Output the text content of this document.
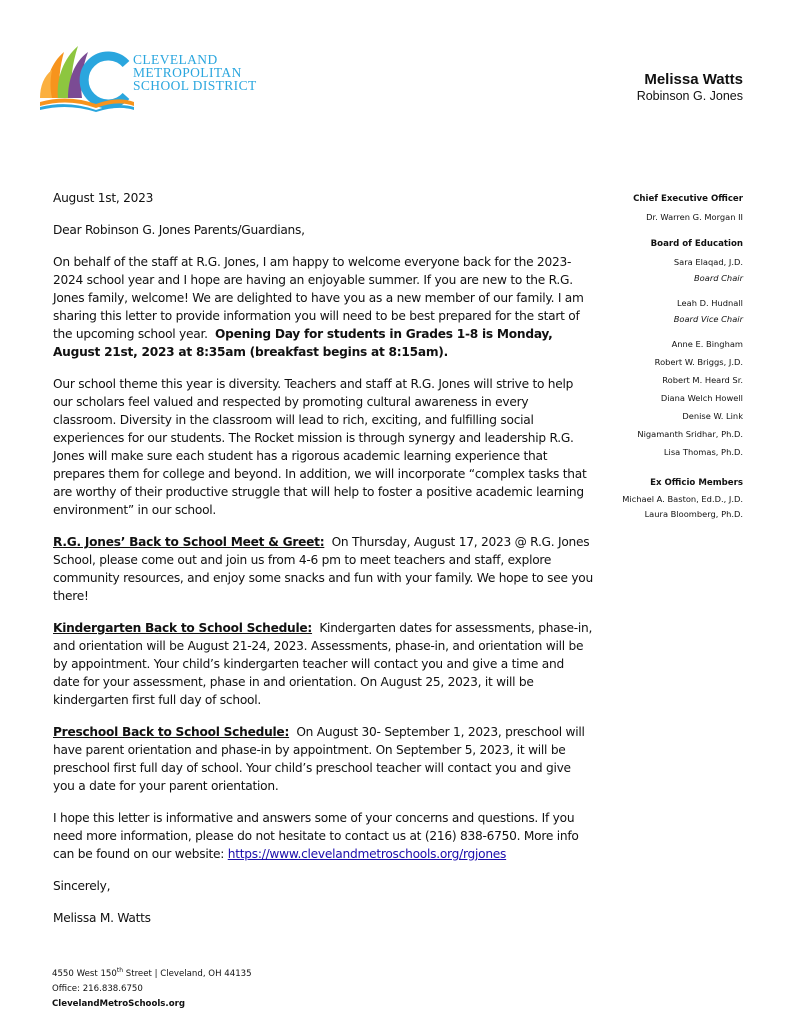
CLEVELAND
METROPOLITAN
SCHOOL DISTRICT	Melissa Watts
Robinson G. Jones

August 1st, 2023

Dear Robinson G. Jones Parents/Guardians,

On behalf of the staff at R.G. Jones, I am happy to welcome everyone back for the 2023-2024 school year and I hope are having an enjoyable summer. If you are new to the R.G. Jones family, welcome! We are delighted to have you as a new member of our family. I am sharing this letter to provide information you will need to be best prepared for the start of the upcoming school year. Opening Day for students in Grades 1-8 is Monday, August 21st, 2023 at 8:35am (breakfast begins at 8:15am).

Our school theme this year is diversity. Teachers and staff at R.G. Jones will strive to help our scholars feel valued and respected by promoting cultural awareness in every classroom. Diversity in the classroom will lead to rich, exciting, and fulfilling social experiences for our students. The Rocket mission is through synergy and leadership R.G. Jones will make sure each student has a rigorous academic learning experience that prepares them for college and beyond. In addition, we will incorporate “complex tasks that are worthy of their productive struggle that will help to foster a positive academic learning environment” in our school.

R.G. Jones’ Back to School Meet & Greet: On Thursday, August 17, 2023 @ R.G. Jones School, please come out and join us from 4-6 pm to meet teachers and staff, explore community resources, and enjoy some snacks and fun with your family. We hope to see you there!

Kindergarten Back to School Schedule: Kindergarten dates for assessments, phase-in, and orientation will be August 21-24, 2023. Assessments, phase-in, and orientation will be by appointment. Your child’s kindergarten teacher will contact you and give a time and date for your assessment, phase in and orientation. On August 25, 2023, it will be kindergarten first full day of school.

Preschool Back to School Schedule: On August 30- September 1, 2023, preschool will have parent orientation and phase-in by appointment. On September 5, 2023, it will be preschool first full day of school. Your child’s preschool teacher will contact you and give you a date for your parent orientation.

I hope this letter is informative and answers some of your concerns and questions. If you need more information, please do not hesitate to contact us at (216) 838-6750. More info can be found on our website: https://www.clevelandmetroschools.org/rgjones

Sincerely,

Melissa M. Watts

Chief Executive Officer
Dr. Warren G. Morgan II
Board of Education
Sara Elaqad, J.D.
Board Chair
Leah D. Hudnall
Board Vice Chair
Anne E. Bingham
Robert W. Briggs, J.D.
Robert M. Heard Sr.
Diana Welch Howell
Denise W. Link
Nigamanth Sridhar, Ph.D.
Lisa Thomas, Ph.D.
Ex Officio Members
Michael A. Baston, Ed.D., J.D.
Laura Bloomberg, Ph.D.
4550 West 150th Street | Cleveland, OH 44135
Office: 216.838.6750
ClevelandMetroSchools.org
